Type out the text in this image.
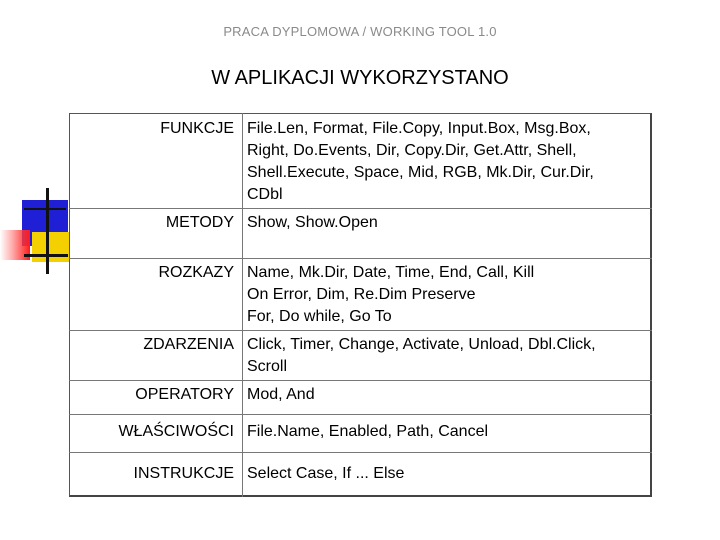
PRACA DYPLOMOWA / WORKING TOOL 1.0
W APLIKACJI WYKORZYSTANO
FUNKCJE File.Len, Format, File.Copy, Input.Box, Msg.Box,
Right, Do.Events, Dir, Copy.Dir, Get.Attr, Shell,
Shell.Execute, Space, Mid, RGB, Mk.Dir, Cur.Dir,
CDbl
METODY Show, Show.Open
ROZKAZY Name, Mk.Dir, Date, Time, End, Call, Kill
On Error, Dim, Re.Dim Preserve
For, Do while, Go To
ZDARZENIA Click, Timer, Change, Activate, Unload, Dbl.Click,
Scroll
OPERATORY Mod, And
WŁAŚCIWOŚCI File.Name, Enabled, Path, Cancel
INSTRUKCJE Select Case, If ... Else
